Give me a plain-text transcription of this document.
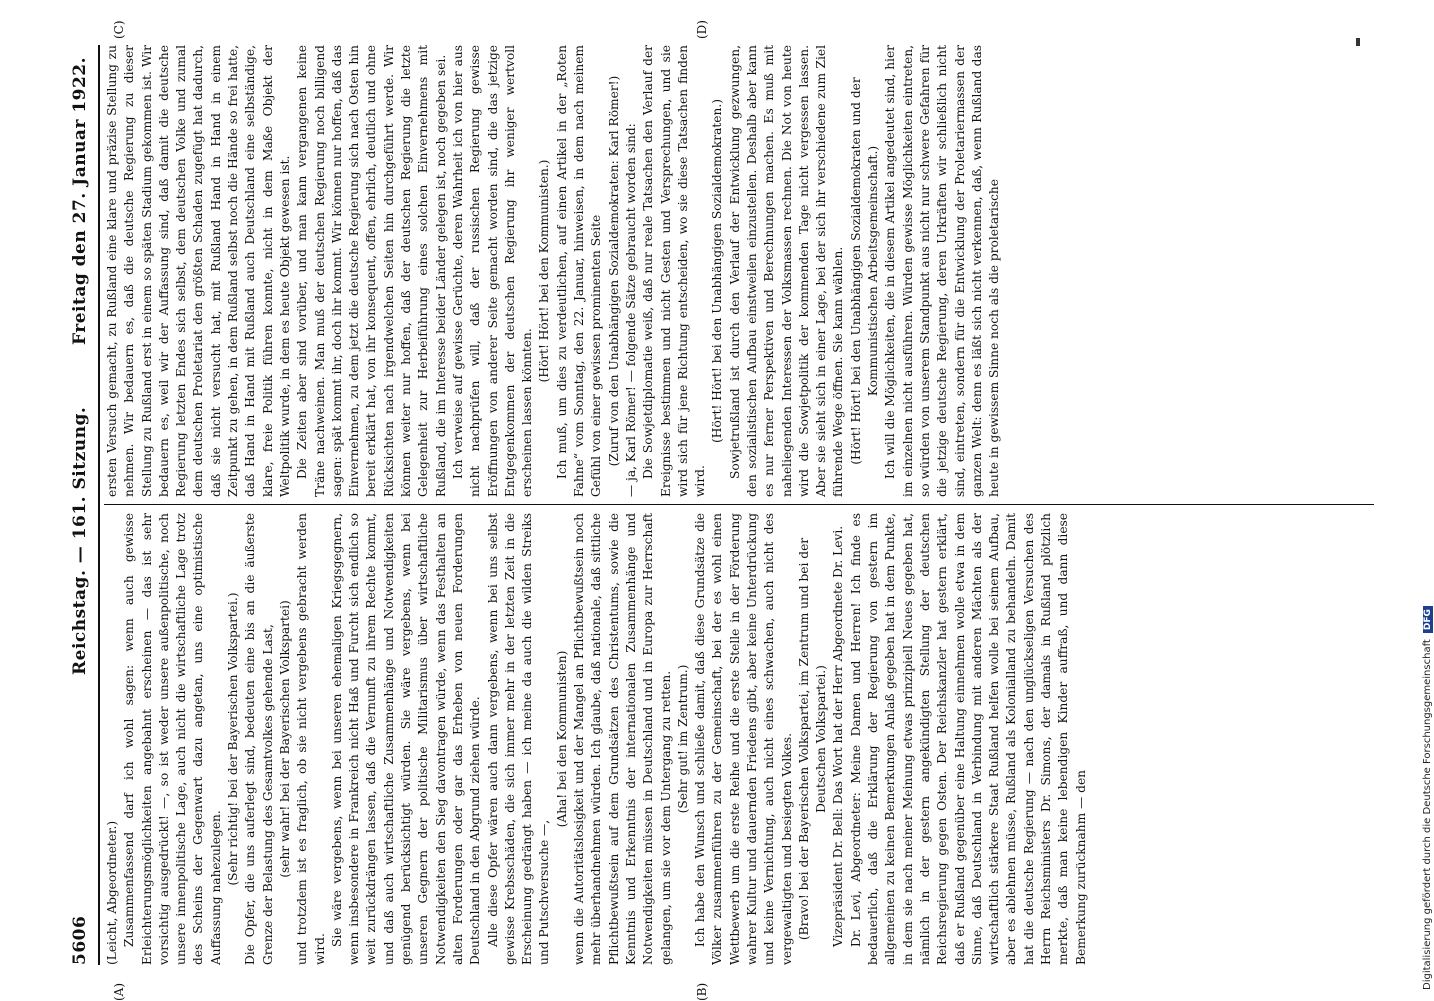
5606
Reichstag. — 161. Sitzung.
Freitag den 27. Januar 1922.
(A)	(B)
(C)	(D)

(Leicht, Abgeordneter.) Zusammenfassend darf ich wohl sagen: wenn auch gewisse Erleichterungsmöglichkeiten angebahnt erscheinen — das ist sehr vorsichtig ausgedrückt! —, so ist weder unsere außenpolitische, noch unsere innenpolitische Lage, auch nicht die wirtschaftliche Lage trotz des Scheins der Gegenwart dazu angetan, uns eine optimistische Auffassung nahezulegen.

(Sehr richtig! bei der Bayerischen Volkspartei.) Die Opfer, die uns auferlegt sind, bedeuten eine bis an die äußerste Grenze der Belastung des Gesamtvolkes gehende Last, (sehr wahr! bei der Bayerischen Volkspartei) und trotzdem ist es fraglich, ob sie nicht vergebens gebracht werden wird.

Sie wäre vergebens, wenn bei unseren ehemaligen Kriegsgegnern, wenn insbesondere in Frankreich nicht Haß und Furcht sich endlich so weit zurückdrängen lassen, daß die Vernunft zu ihrem Rechte kommt, und daß auch wirtschaftliche Zusammenhänge und Notwendigkeiten genügend berücksichtigt würden. Sie wäre vergebens, wenn bei unseren Gegnern der politische Militarismus über wirtschaftliche Notwendigkeiten den Sieg davontragen würde, wenn das Festhalten an alten Forderungen oder gar das Erheben von neuen Forderungen Deutschland in den Abgrund ziehen würde. Alle diese Opfer wären auch dann vergebens, wenn bei uns selbst gewisse Krebsschäden, die sich immer mehr in der letzten Zeit in die Erscheinung gedrängt haben — ich meine da auch die wilden Streiks und Putschversuche —,

(Aha! bei den Kommunisten) wenn die Autoritätslosigkeit und der Mangel an Pflichtbewußtsein noch mehr überhandnehmen würden. Ich glaube, daß nationale, daß sittliche Pflichtbewußtsein auf dem Grundsätzen des Christentums, sowie die Kenntnis und Erkenntnis der internationalen Zusammenhänge und Notwendigkeiten müssen in Deutschland und in Europa zur Herrschaft gelangen, um sie vor dem Untergang zu retten. (Sehr gut! im Zentrum.) Ich habe den Wunsch und schließe damit, daß diese Grundsätze die Völker zusammenführen zu der Gemeinschaft, bei der es wohl einen Wettbewerb um die erste Reihe und die erste Stelle in der Förderung wahrer Kultur und dauernden Friedens gibt, aber keine Unterdrückung und keine Vernichtung, auch nicht eines schwachen, auch nicht des vergewaltigten und besiegten Volkes. (Bravo! bei der Bayerischen Volkspartei, im Zentrum und bei der Deutschen Volkspartei.) Vizepräsident Dr. Bell: Das Wort hat der Herr Abgeordnete Dr. Levi. Dr. Levi, Abgeordneter: Meine Damen und Herren! Ich finde es bedauerlich, daß die Erklärung der Regierung von gestern im allgemeinen zu keinen Bemerkungen Anlaß gegeben hat in dem Punkte, in dem sie nach meiner Meinung etwas prinzipiell Neues gegeben hat, nämlich in der gestern angekündigten Stellung der deutschen Reichsregierung gegen Osten. Der Reichskanzler hat gestern erklärt, daß er Rußland gegenüber eine Haltung einnehmen wolle etwa in dem Sinne, daß Deutschland in Verbindung mit anderen Mächten als der wirtschaftlich stärkere Staat Rußland helfen wolle bei seinem Aufbau, aber es ablehnen müsse, Rußland als Kolonialland zu behandeln. Damit hat die deutsche Regierung — nach den unglückseligen Versuchen des Herrn Reichsministers Dr. Simons, der damals in Rußland plötzlich merkte, daß man keine lebendigen Kinder auffraß, und dann diese Bemerkung zurücknahm — den

ersten Versuch gemacht, zu Rußland eine klare und präzise Stellung zu nehmen. Wir bedauern es, daß die deutsche Regierung zu dieser Stellung zu Rußland erst in einem so späten Stadium gekommen ist. Wir bedauern es, weil wir der Auffassung sind, daß damit die deutsche Regierung letzten Endes sich selbst, dem deutschen Volke und zumal dem deutschen Proletariat den größten Schaden zugefügt hat dadurch, daß sie nicht versucht hat, mit Rußland Hand in Hand in einem Zeitpunkt zu gehen, in dem Rußland selbst noch die Hände so frei hatte, daß Hand in Hand mit Rußland auch Deutschland eine selbständige, klare, freie Politik führen konnte, nicht in dem Maße Objekt der Weltpolitik wurde, in dem es heute Objekt gewesen ist. Die Zeiten aber sind vorüber, und man kann vergangenen keine Träne nachweinen. Man muß der deutschen Regierung noch billigend sagen: spät kommt ihr, doch ihr kommt. Wir können nur hoffen, daß das Einvernehmen, zu dem jetzt die deutsche Regierung sich nach Osten hin bereit erklärt hat, von ihr konsequent, offen, ehrlich, deutlich und ohne Rücksichten nach irgendwelchen Seiten hin durchgeführt werde. Wir können weiter nur hoffen, daß der deutschen Regierung die letzte Gelegenheit zur Herbeiführung eines solchen Einvernehmens mit Rußland, die im Interesse beider Länder gelegen ist, noch gegeben sei. Ich verweise auf gewisse Gerüchte, deren Wahrheit ich von hier aus nicht nachprüfen will, daß der russischen Regierung gewisse Eröffnungen von anderer Seite gemacht worden sind, die das jetzige Entgegenkommen der deutschen Regierung ihr weniger wertvoll erscheinen lassen könnten.

(Hört! Hört! bei den Kommunisten.) Ich muß, um dies zu verdeutlichen, auf einen Artikel in der „Roten Fahne“ vom Sonntag, den 22. Januar, hinweisen, in dem nach meinem Gefühl von einer gewissen prominenten Seite (Zuruf von den Unabhängigen Sozialdemokraten: Karl Römer!) — ja, Karl Römer! — folgende Sätze gebraucht worden sind: Die Sowjetdiplomatie weiß, daß nur reale Tatsachen den Verlauf der Ereignisse bestimmen und nicht Gesten und Versprechungen, und sie wird sich für jene Richtung entscheiden, wo sie diese Tatsachen finden wird.

(Hört! Hört! bei den Unabhängigen Sozialdemokraten.) Sowjetrußland ist durch den Verlauf der Entwicklung gezwungen, den sozialistischen Aufbau einstweilen einzustellen. Deshalb aber kann es nur ferner Perspektiven und Berechnungen machen. Es muß mit naheliegenden Interessen der Volksmassen rechnen. Die Not von heute wird die Sowjetpolitik der kommenden Tage nicht vergessen lassen. Aber sie sieht sich in einer Lage, bei der sich ihr verschiedene zum Ziel führende Wege öffnen. Sie kann wählen. (Hört! Hört! bei den Unabhängigen Sozialdemokraten und der Kommunistischen Arbeitsgemeinschaft.) Ich will die Möglichkeiten, die in diesem Artikel angedeutet sind, hier im einzelnen nicht ausführen. Würden gewisse Möglichkeiten eintreten, so würden von unserem Standpunkt aus nicht nur schwere Gefahren für die jetzige deutsche Regierung, deren Urkräften wir schließlich nicht sind, eintreten, sondern für die Entwicklung der Proletariermassen der ganzen Welt: denn es läßt sich nicht verkennen, daß, wenn Rußland das heute in gewissem Sinne noch als die proletarische

Digitalisierung gefördert durch die Deutsche ForschungsgemeinschaftDFG
